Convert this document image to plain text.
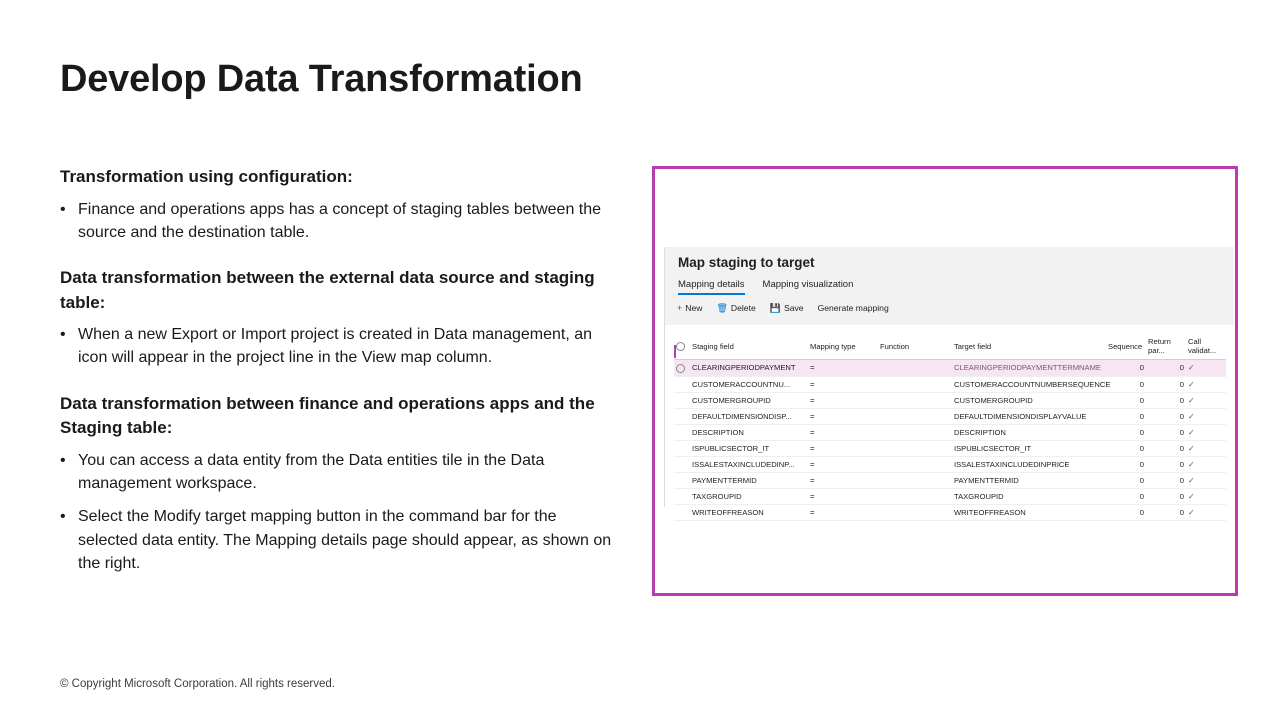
Develop Data Transformation
Transformation using configuration:
• Finance and operations apps has a concept of staging tables between the source and the destination table.
Data transformation between the external data source and staging table:
• When a new Export or Import project is created in Data management, an icon will appear in the project line in the View map column.
Data transformation between finance and operations apps and the Staging table:
• You can access a data entity from the Data entities tile in the Data management workspace.
• Select the Modify target mapping button in the command bar for the selected data entity. The Mapping details page should appear, as shown on the right.
© Copyright Microsoft Corporation. All rights reserved.
Map staging to target
Mapping details Mapping visualization
+ New 🗑 Delete 💾 Save Generate mapping
	Staging field	Mapping type	Function	Target field	Sequence	Return par...	Call validat...
	CLEARINGPERIODPAYMENT	=		CLEARINGPERIODPAYMENTTERMNAME	0	0	✓
	CUSTOMERACCOUNTNU...	=		CUSTOMERACCOUNTNUMBERSEQUENCE	0	0	✓
	CUSTOMERGROUPID	=		CUSTOMERGROUPID	0	0	✓
	DEFAULTDIMENSIONDISP...	=		DEFAULTDIMENSIONDISPLAYVALUE	0	0	✓
	DESCRIPTION	=		DESCRIPTION	0	0	✓
	ISPUBLICSECTOR_IT	=		ISPUBLICSECTOR_IT	0	0	✓
	ISSALESTAXINCLUDEDINP...	=		ISSALESTAXINCLUDEDINPRICE	0	0	✓
	PAYMENTTERMID	=		PAYMENTTERMID	0	0	✓
	TAXGROUPID	=		TAXGROUPID	0	0	✓
	WRITEOFFREASON	=		WRITEOFFREASON	0	0	✓
